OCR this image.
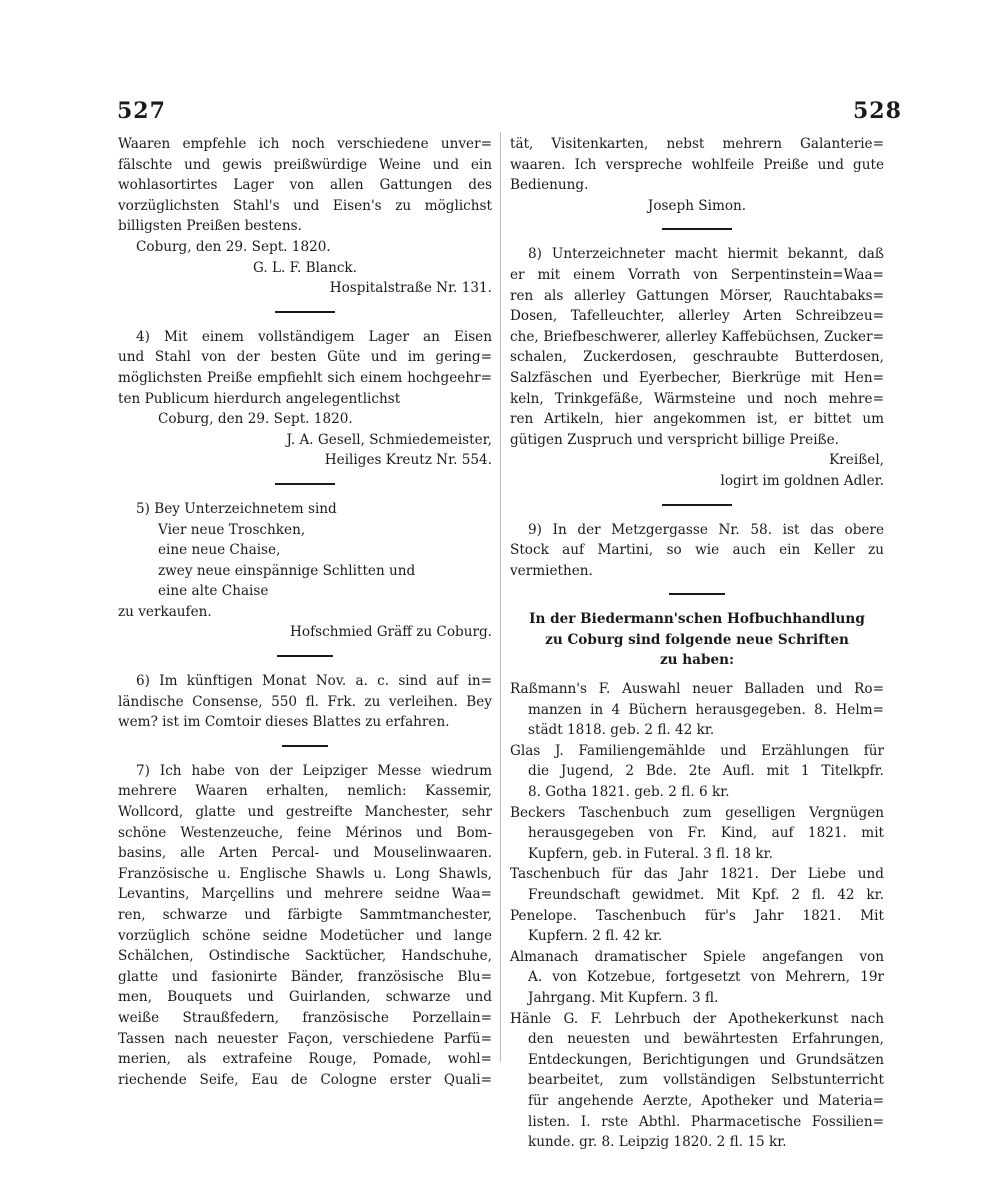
527	528
Waaren empfehle ich noch verschiedene unver=
fälschte und gewis preißwürdige Weine und ein
wohlasortirtes Lager von allen Gattungen des
vorzüglichsten Stahl's und Eisen's zu möglichst
billigsten Preißen bestens.
Coburg, den 29. Sept. 1820.
G. L. F. Blanck.
Hospitalstraße Nr. 131.
4) Mit einem vollständigem Lager an Eisen
und Stahl von der besten Güte und im gering=
möglichsten Preiße empfiehlt sich einem hochgeehr=
ten Publicum hierdurch angelegentlichst
Coburg, den 29. Sept. 1820.
J. A. Gesell, Schmiedemeister,
Heiliges Kreutz Nr. 554.
5) Bey Unterzeichnetem sind
Vier neue Troschken,
eine neue Chaise,
zwey neue einspännige Schlitten und
eine alte Chaise
zu verkaufen.
Hofschmied Gräff zu Coburg.
6) Im künftigen Monat Nov. a. c. sind auf in=
ländische Consense, 550 fl. Frk. zu verleihen. Bey
wem? ist im Comtoir dieses Blattes zu erfahren.
7) Ich habe von der Leipziger Messe wiedrum
mehrere Waaren erhalten, nemlich: Kassemir,
Wollcord, glatte und gestreifte Manchester, sehr
schöne Westenzeuche, feine Mérinos und Bom-
basins, alle Arten Percal- und Mouselinwaaren.
Französische u. Englische Shawls u. Long Shawls,
Levantins, Marçellins und mehrere seidne Waa=
ren, schwarze und färbigte Sammtmanchester,
vorzüglich schöne seidne Modetücher und lange
Schälchen, Ostindische Sacktücher, Handschuhe,
glatte und fasionirte Bänder, französische Blu=
men, Bouquets und Guirlanden, schwarze und
weiße Straußfedern, französische Porzellain=
Tassen nach neuester Façon, verschiedene Parfü=
merien, als extrafeine Rouge, Pomade, wohl=
riechende Seife, Eau de Cologne erster Quali=
tät, Visitenkarten, nebst mehrern Galanterie=
waaren. Ich verspreche wohlfeile Preiße und gute
Bedienung.
Joseph Simon.
8) Unterzeichneter macht hiermit bekannt, daß
er mit einem Vorrath von Serpentinstein=Waa=
ren als allerley Gattungen Mörser, Rauchtabaks=
Dosen, Tafelleuchter, allerley Arten Schreibzeu=
che, Briefbeschwerer, allerley Kaffebüchsen, Zucker=
schalen, Zuckerdosen, geschraubte Butterdosen,
Salzfäschen und Eyerbecher, Bierkrüge mit Hen=
keln, Trinkgefäße, Wärmsteine und noch mehre=
ren Artikeln, hier angekommen ist, er bittet um
gütigen Zuspruch und verspricht billige Preiße.
Kreißel,
logirt im goldnen Adler.
9) In der Metzgergasse Nr. 58. ist das obere
Stock auf Martini, so wie auch ein Keller zu
vermiethen.
In der Biedermann'schen Hofbuchhandlung
zu Coburg sind folgende neue Schriften
zu haben:
Raßmann's F. Auswahl neuer Balladen und Ro=
manzen in 4 Büchern herausgegeben. 8. Helm=
städt 1818. geb. 2 fl. 42 kr.
Glas J. Familiengemählde und Erzählungen für
die Jugend, 2 Bde. 2te Aufl. mit 1 Titelkpfr.
8. Gotha 1821. geb. 2 fl. 6 kr.
Beckers Taschenbuch zum geselligen Vergnügen
herausgegeben von Fr. Kind, auf 1821. mit
Kupfern, geb. in Futeral. 3 fl. 18 kr.
Taschenbuch für das Jahr 1821. Der Liebe und
Freundschaft gewidmet. Mit Kpf. 2 fl. 42 kr.
Penelope. Taschenbuch für's Jahr 1821. Mit
Kupfern. 2 fl. 42 kr.
Almanach dramatischer Spiele angefangen von
A. von Kotzebue, fortgesetzt von Mehrern, 19r
Jahrgang. Mit Kupfern. 3 fl.
Hänle G. F. Lehrbuch der Apothekerkunst nach
den neuesten und bewährtesten Erfahrungen,
Entdeckungen, Berichtigungen und Grundsätzen
bearbeitet, zum vollständigen Selbstunterricht
für angehende Aerzte, Apotheker und Materia=
listen. I. rste Abthl. Pharmacetische Fossilien=
kunde. gr. 8. Leipzig 1820. 2 fl. 15 kr.
